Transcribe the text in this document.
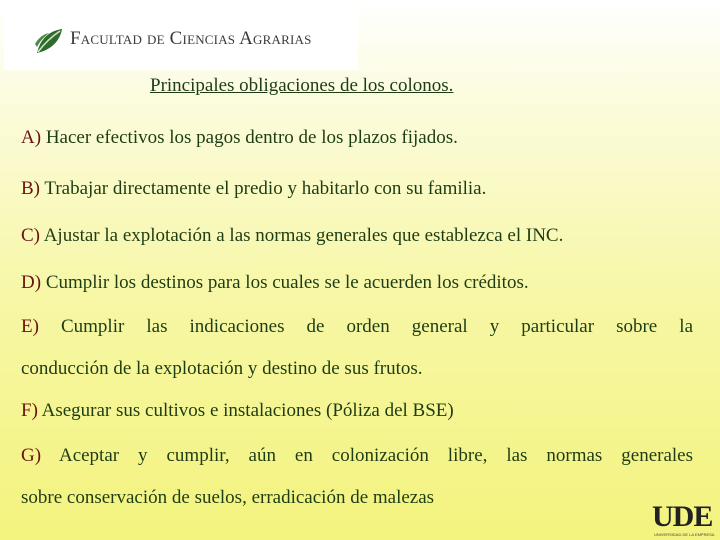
Facultad de Ciencias Agrarias
Principales obligaciones de los colonos.
A) Hacer efectivos los pagos dentro de los plazos fijados.
B) Trabajar directamente el predio y habitarlo con su familia.
C) Ajustar la explotación a las normas generales que establezca el INC.
D) Cumplir los destinos para los cuales se le acuerden los créditos.
E) Cumplir las indicaciones de orden general y particular sobre la
conducción de la explotación y destino de sus frutos.
F) Asegurar sus cultivos e instalaciones (Póliza del BSE)
G) Aceptar y cumplir, aún en colonización libre, las normas generales
sobre conservación de suelos, erradicación de malezas
UDE
UNIVERSIDAD DE LA EMPRESA
